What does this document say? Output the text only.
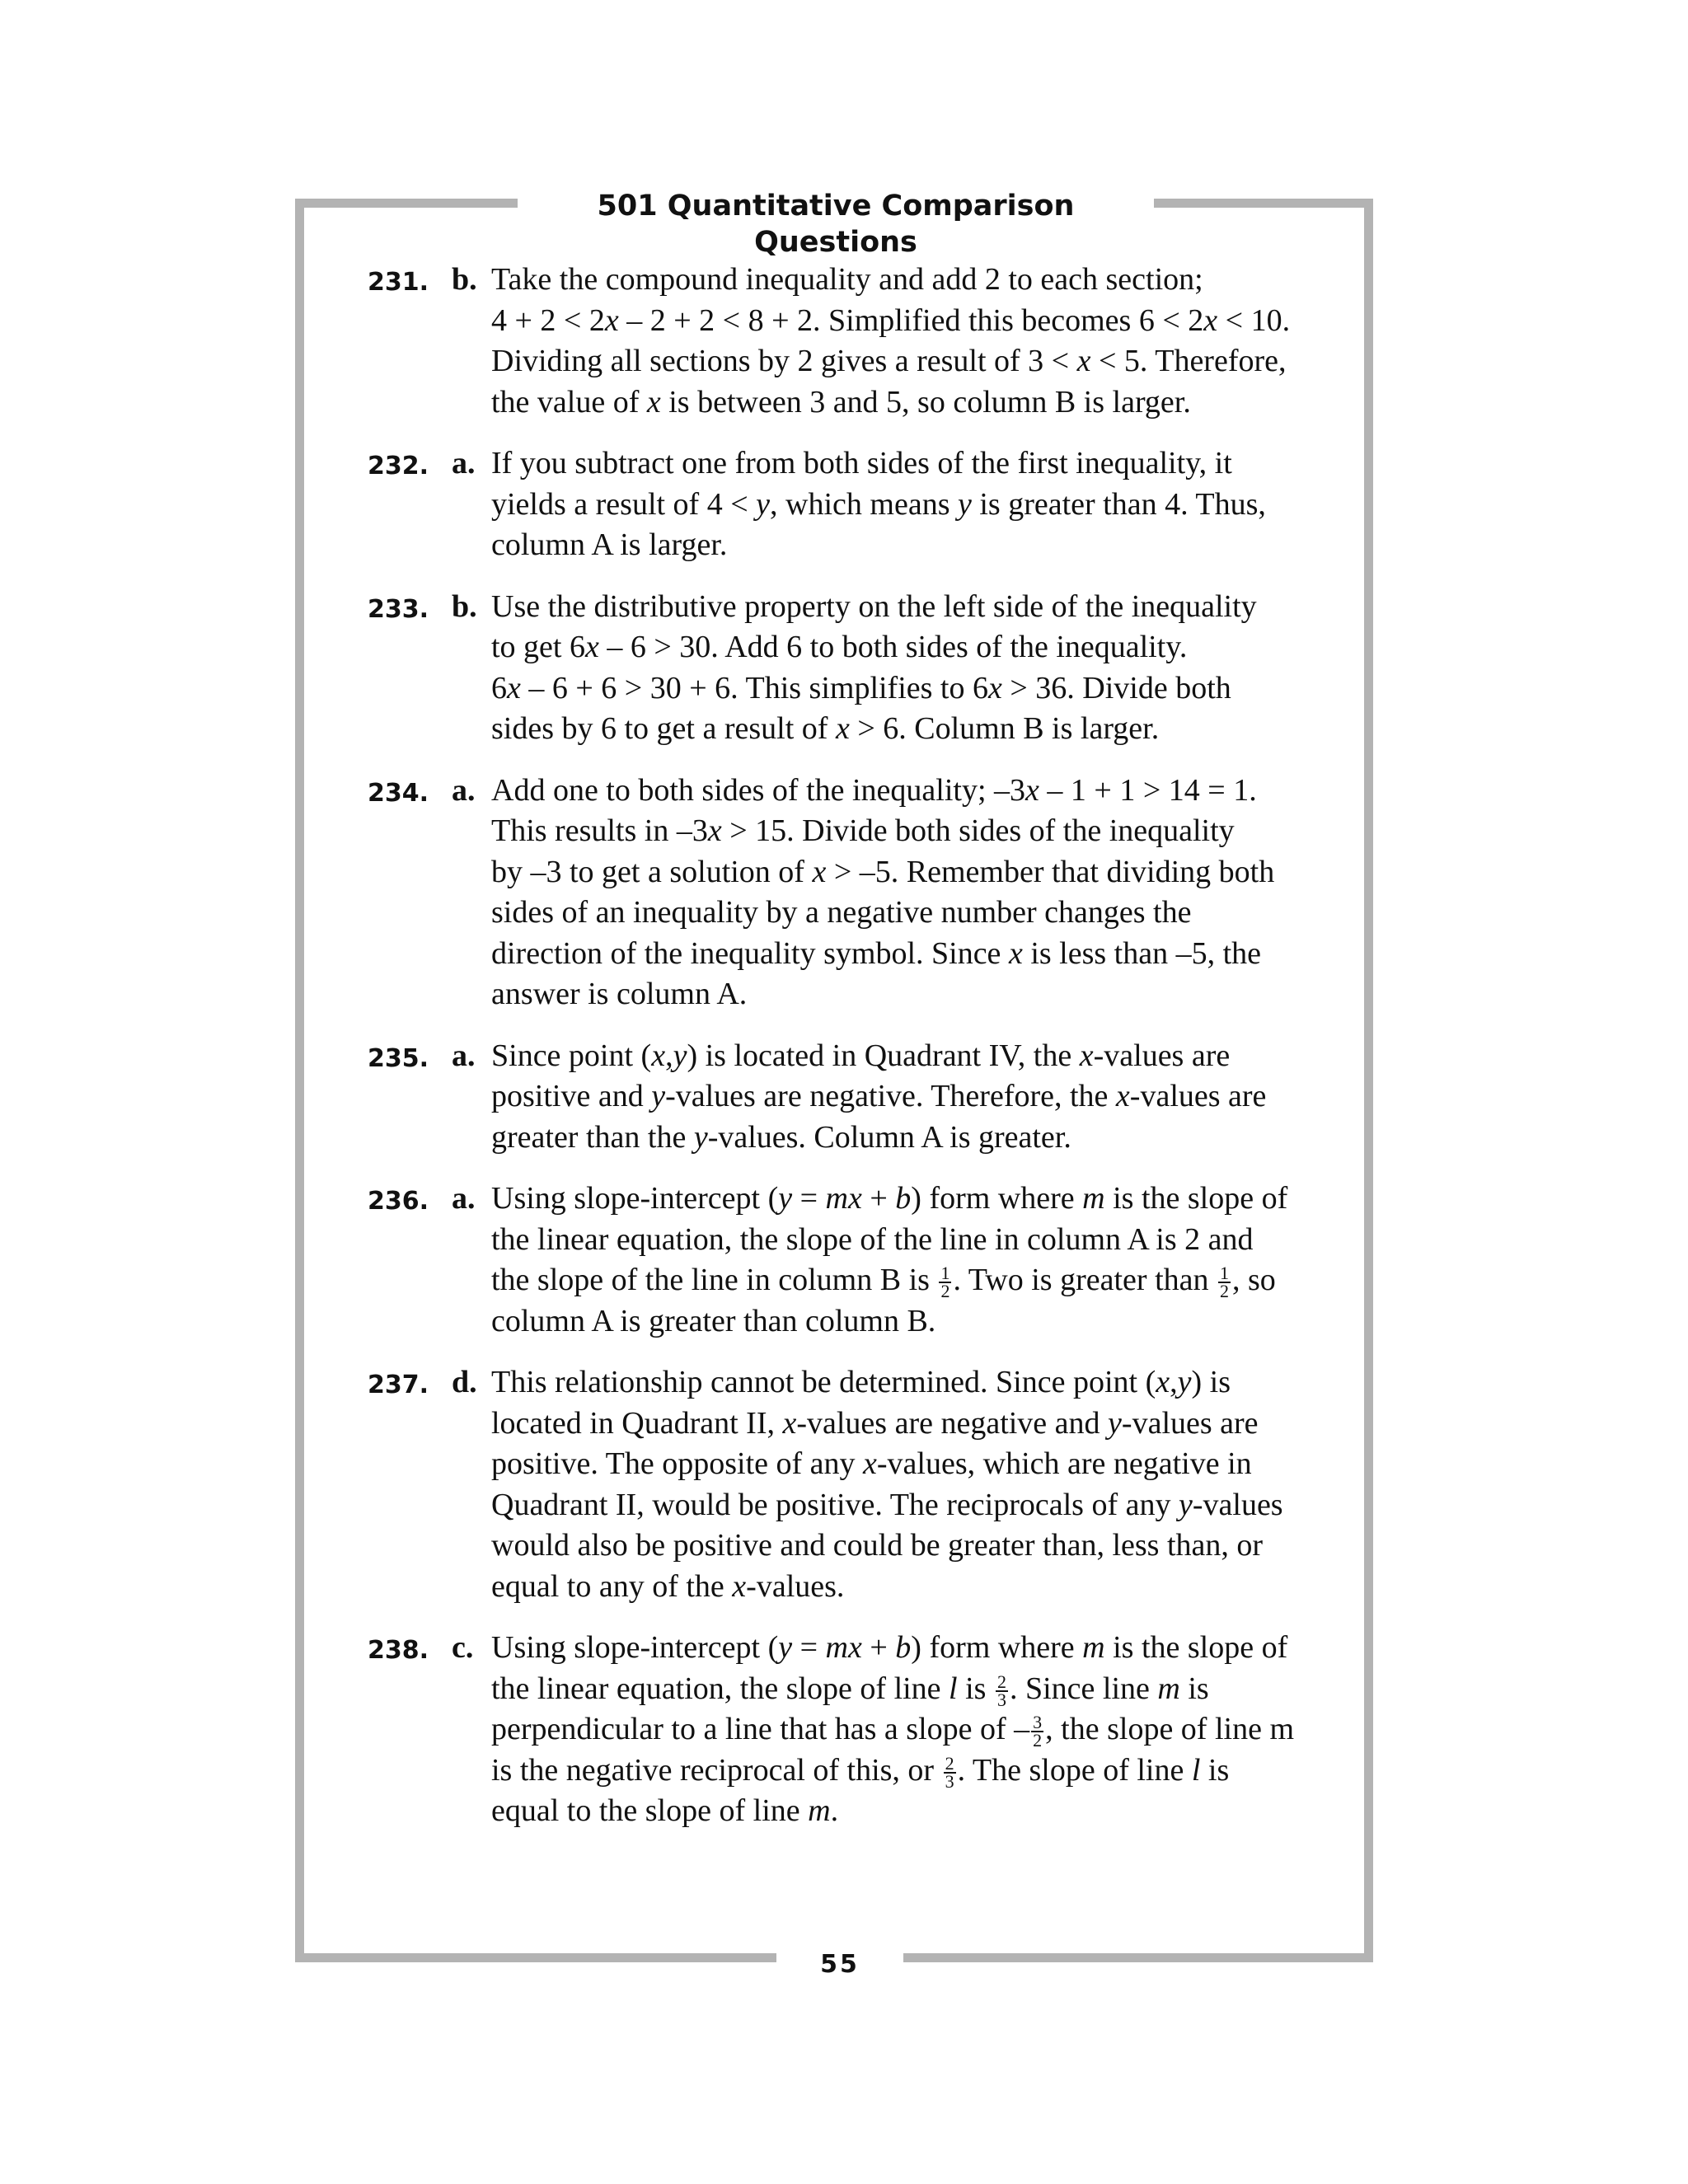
501 Quantitative Comparison Questions
231. b. Take the compound inequality and add 2 to each section;
4 + 2 < 2x – 2 + 2 < 8 + 2. Simplified this becomes 6 < 2x < 10.
Dividing all sections by 2 gives a result of 3 < x < 5. Therefore,
the value of x is between 3 and 5, so column B is larger.
232. a. If you subtract one from both sides of the first inequality, it
yields a result of 4 < y, which means y is greater than 4. Thus,
column A is larger.
233. b. Use the distributive property on the left side of the inequality
to get 6x – 6 > 30. Add 6 to both sides of the inequality.
6x – 6 + 6 > 30 + 6. This simplifies to 6x > 36. Divide both
sides by 6 to get a result of x > 6. Column B is larger.
234. a. Add one to both sides of the inequality; –3x – 1 + 1 > 14 = 1.
This results in –3x > 15. Divide both sides of the inequality
by –3 to get a solution of x > –5. Remember that dividing both
sides of an inequality by a negative number changes the
direction of the inequality symbol. Since x is less than –5, the
answer is column A.
235. a. Since point (x,y) is located in Quadrant IV, the x-values are
positive and y-values are negative. Therefore, the x-values are
greater than the y-values. Column A is greater.
236. a. Using slope-intercept (y = mx + b) form where m is the slope of
the linear equation, the slope of the line in column A is 2 and
the slope of the line in column B is $\frac{1}{2}$ . Two is greater than $\frac{1}{2}$ , so
column A is greater than column B.
237. d. This relationship cannot be determined. Since point (x,y) is
located in Quadrant II, x-values are negative and y-values are
positive. The opposite of any x-values, which are negative in
Quadrant II, would be positive. The reciprocals of any y-values
would also be positive and could be greater than, less than, or
equal to any of the x-values.
238. c. Using slope-intercept (y = mx + b) form where m is the slope of
the linear equation, the slope of line l is $\frac{2}{3}$ . Since line m is
perpendicular to a line that has a slope of – $\frac{3}{2}$ , the slope of line m
is the negative reciprocal of this, or $\frac{2}{3}$ . The slope of line l is
equal to the slope of line m.
55
